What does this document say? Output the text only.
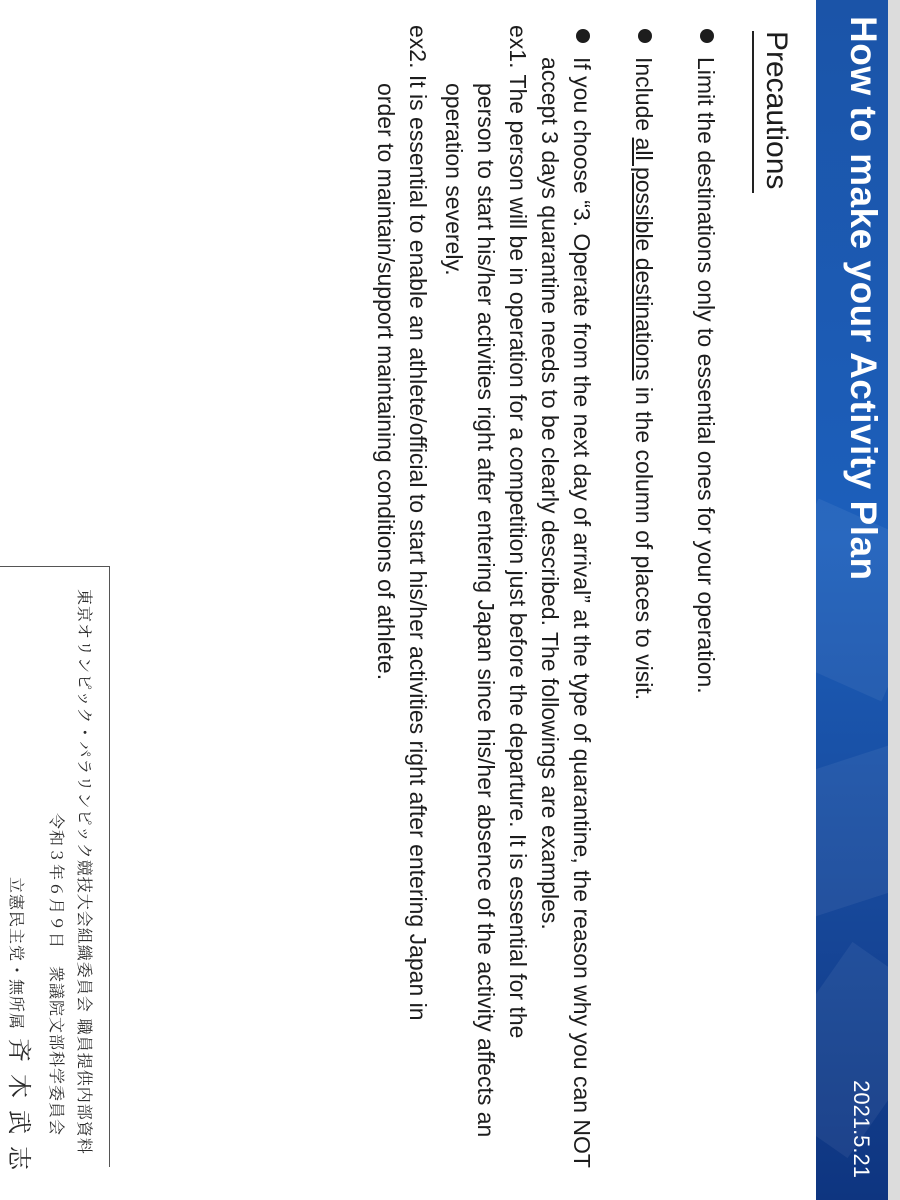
How to make your Activity Plan
2021.5.21
Precautions
Limit the destinations only to essential ones for your operation.
Include all possible destinations in the column of places to visit.
If you choose “3. Operate from the next day of arrival” at the type of quarantine, the reason why you can NOT accept 3 days quarantine needs to be clearly described. The followings are examples.
ex1. The person will be in operation for a competition just before the departure. It is essential for the
person to start his/her activities right after entering Japan since his/her absence of the activity affects an operation severely.
ex2. It is essential to enable an athlete/official to start his/her activities right after entering Japan in
order to maintain/support maintaining conditions of athlete.
東京オリンピック・パラリンピック競技大会組織委員会 職員提供内部資料
令和３年６月９日　衆議院文部科学委員会
立憲民主党・無所属斉木武志
